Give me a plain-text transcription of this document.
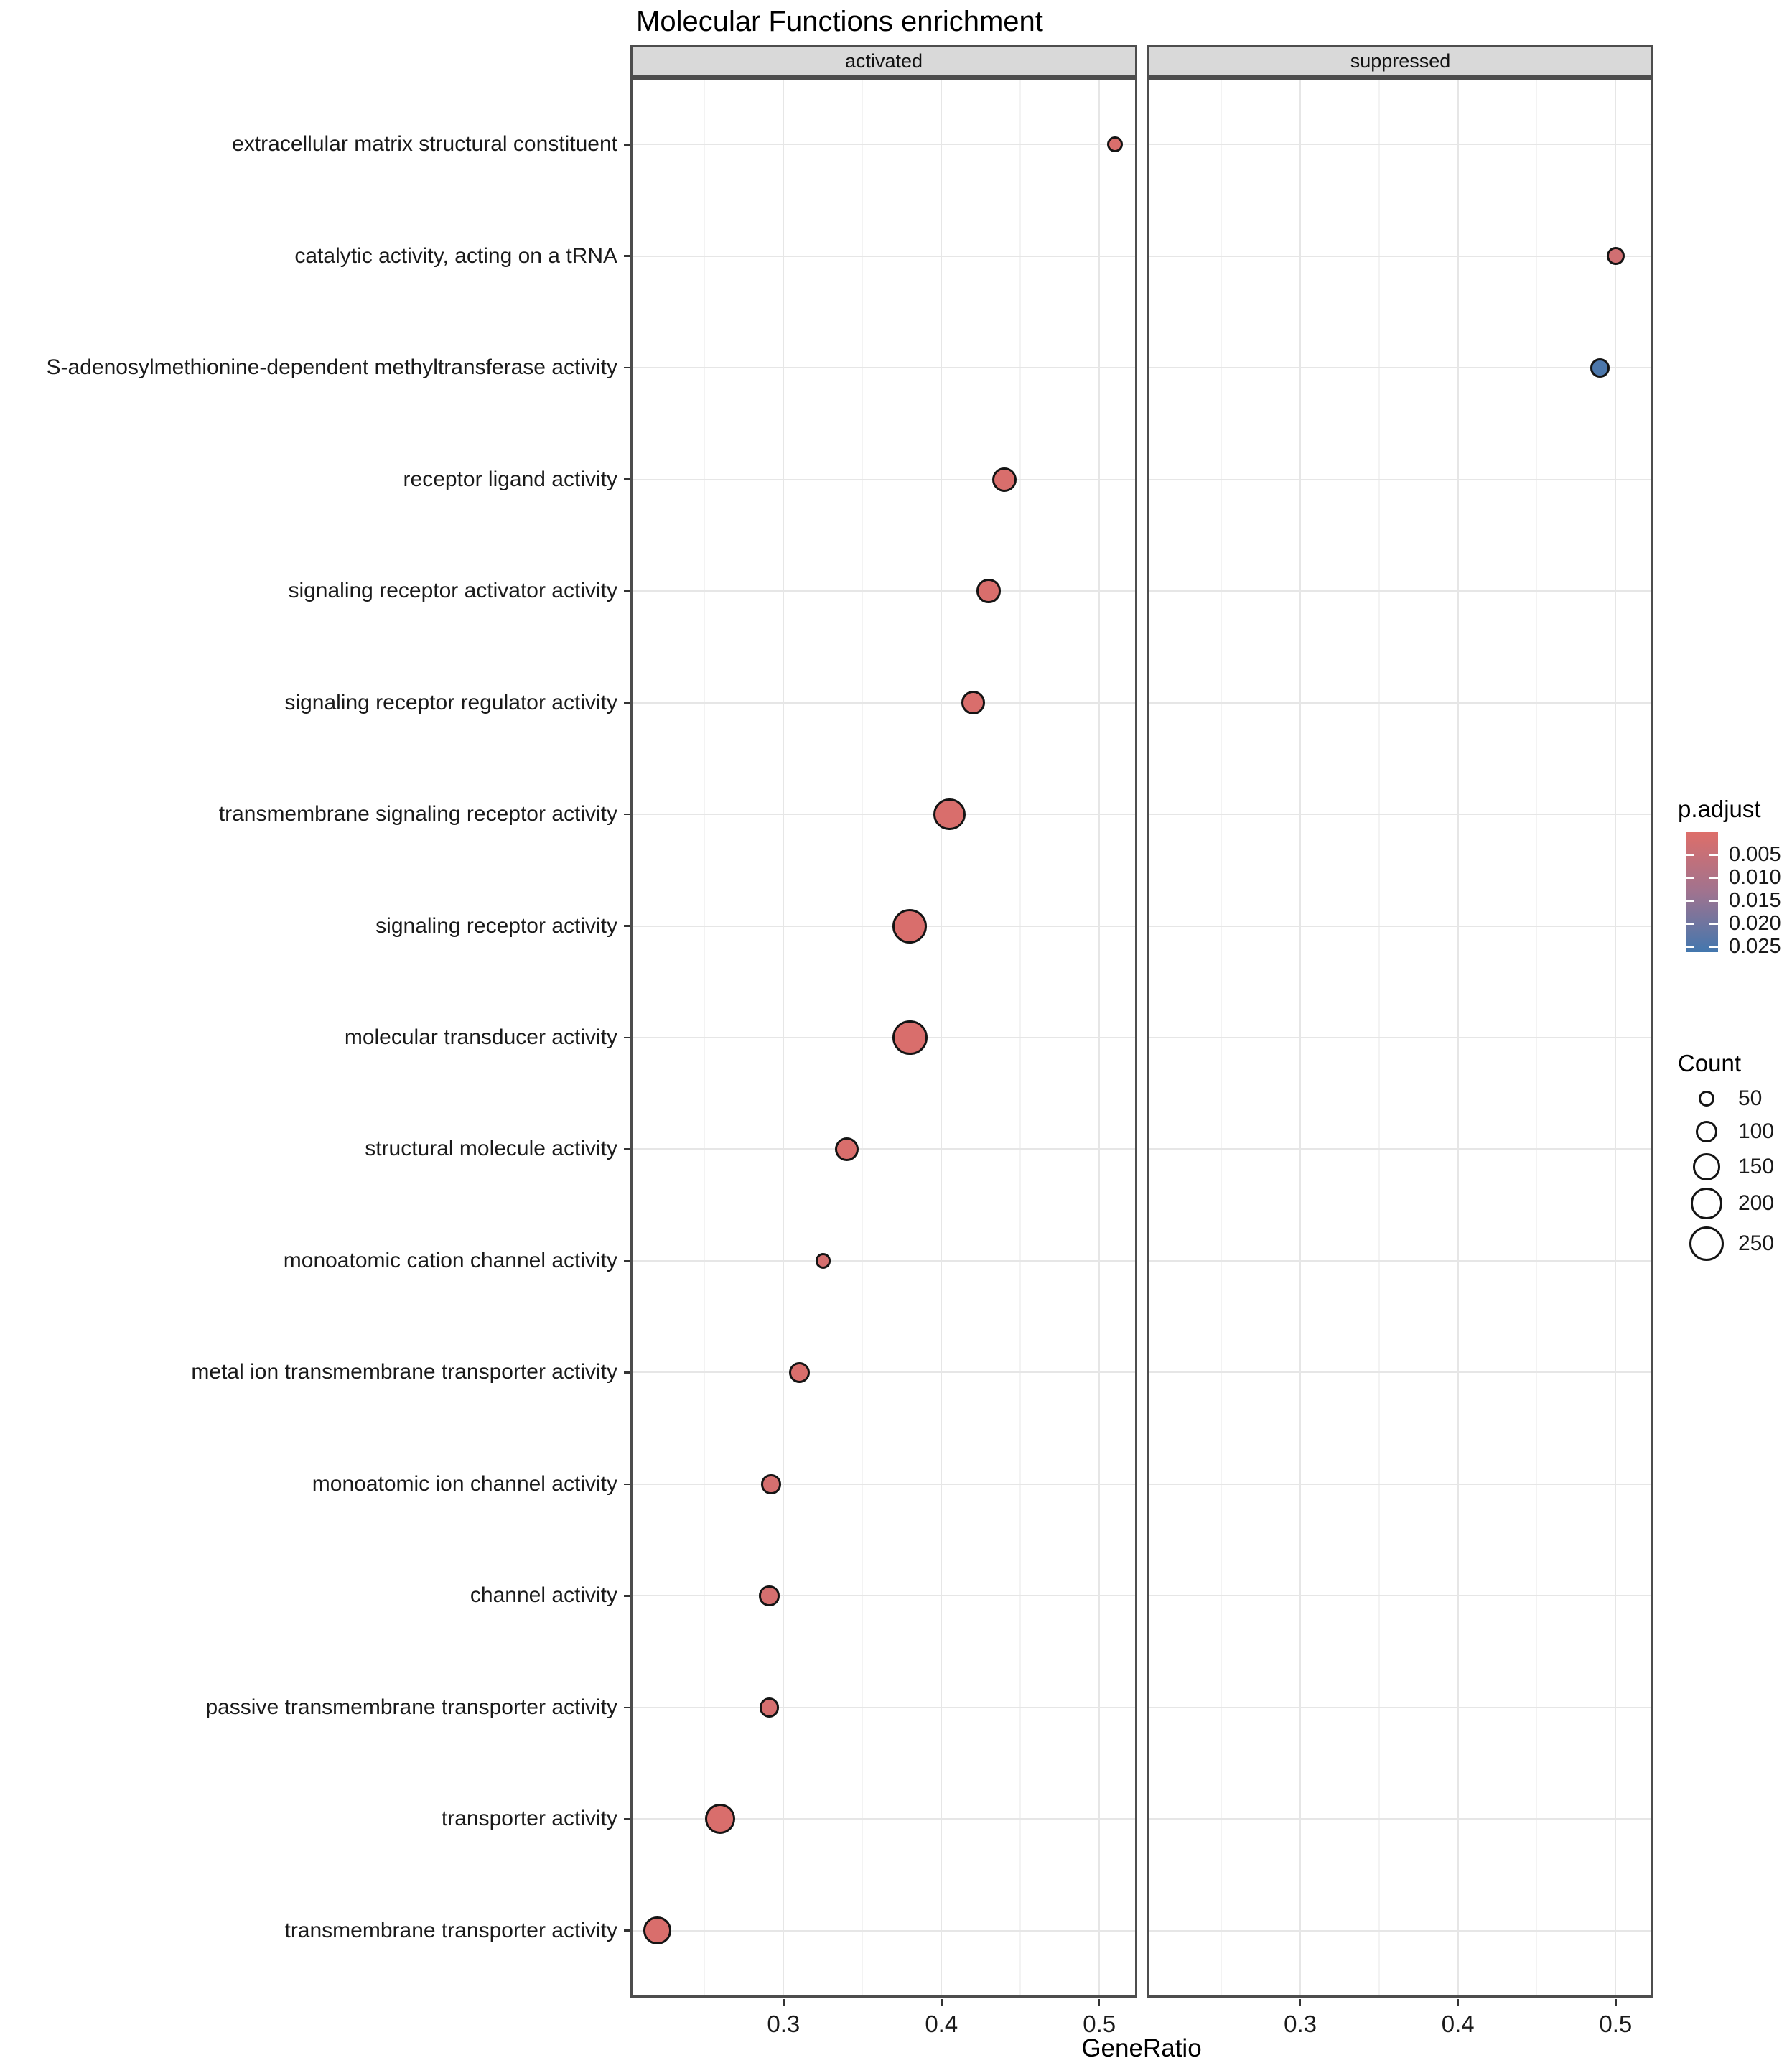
Molecular Functions enrichment
activated	suppressed
GeneRatio
p.adjust
Count
extracellular matrix structural constituent
catalytic activity, acting on a tRNA
S-adenosylmethionine-dependent methyltransferase activity
receptor ligand activity
signaling receptor activator activity
signaling receptor regulator activity
transmembrane signaling receptor activity
signaling receptor activity
molecular transducer activity
structural molecule activity
monoatomic cation channel activity
metal ion transmembrane transporter activity
monoatomic ion channel activity
channel activity
passive transmembrane transporter activity
transporter activity
transmembrane transporter activity
0.3	0.4	0.5	0.3	0.4	0.5
0.005
0.010
0.015
0.020
0.025
50
100
150
200
250
